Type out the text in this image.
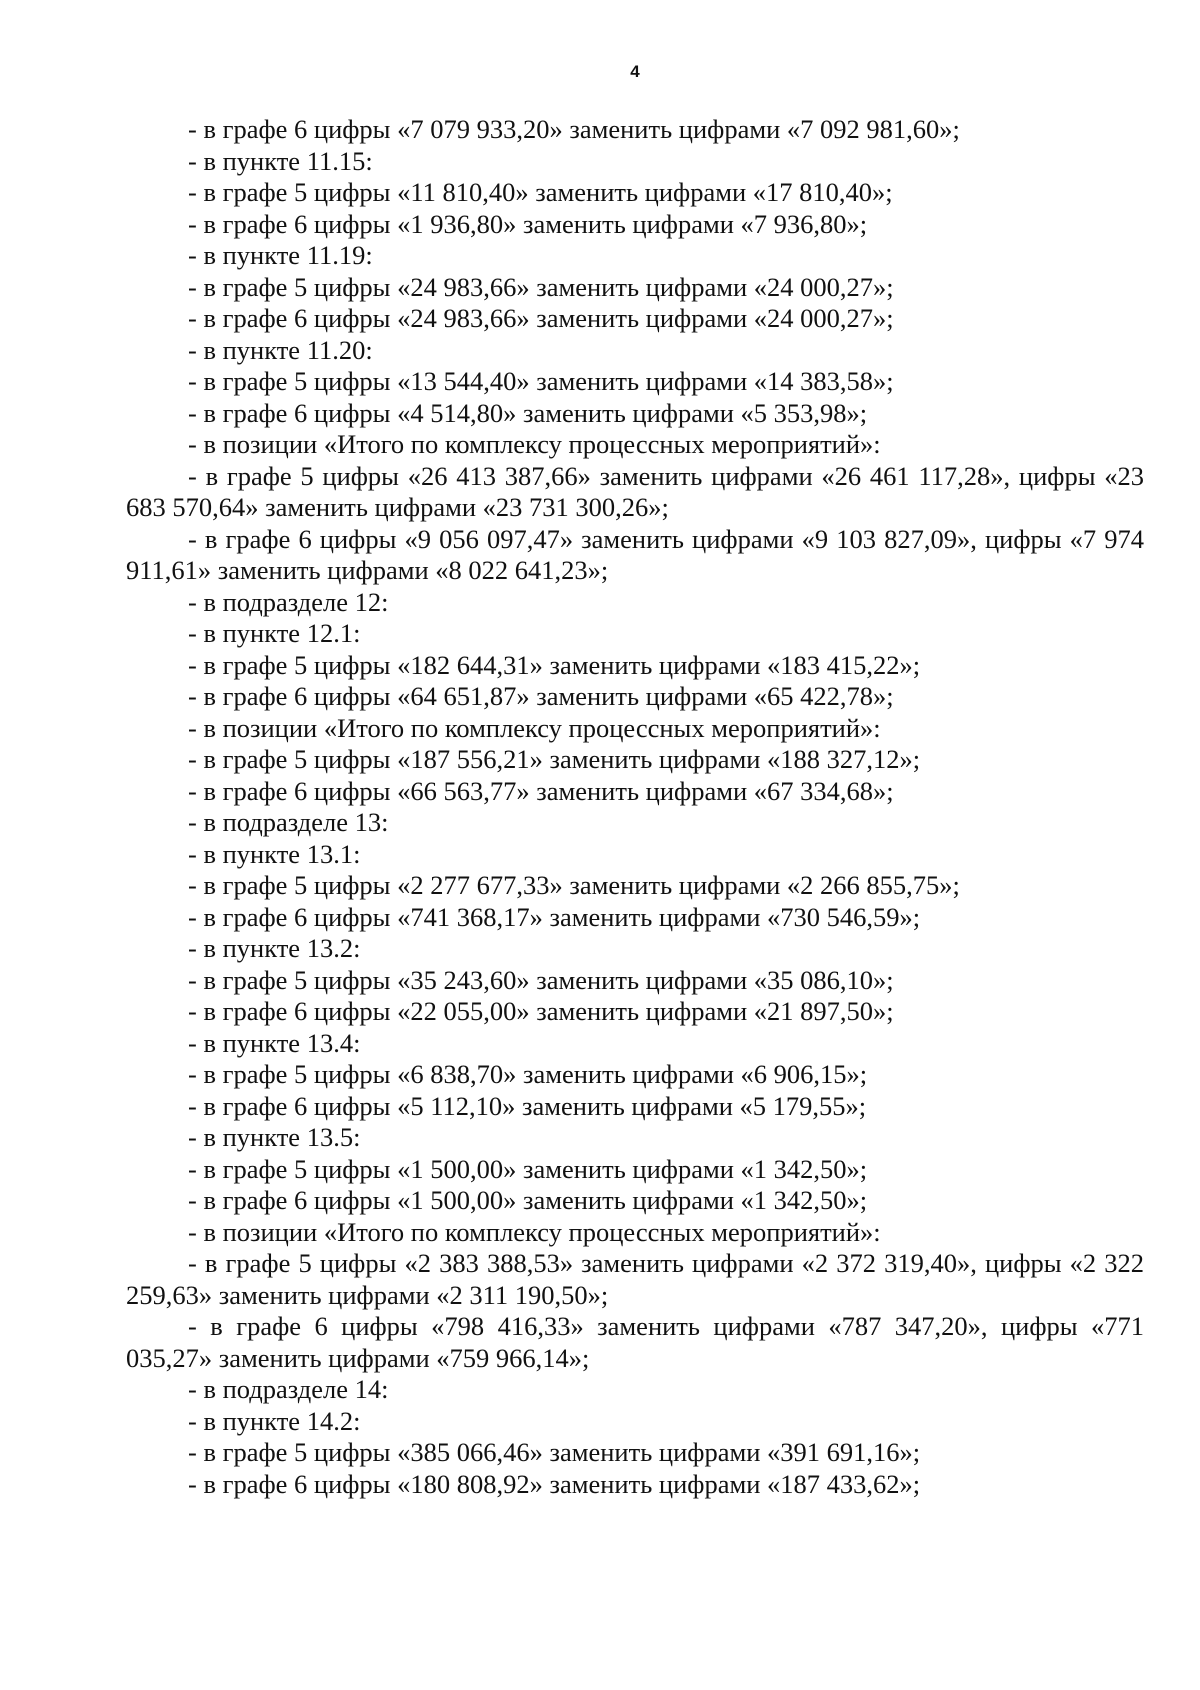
4

- в графе 6 цифры «7 079 933,20» заменить цифрами «7 092 981,60»;

- в пункте 11.15:

- в графе 5 цифры «11 810,40» заменить цифрами «17 810,40»;

- в графе 6 цифры «1 936,80» заменить цифрами «7 936,80»;

- в пункте 11.19:

- в графе 5 цифры «24 983,66» заменить цифрами «24 000,27»;

- в графе 6 цифры «24 983,66» заменить цифрами «24 000,27»;

- в пункте 11.20:

- в графе 5 цифры «13 544,40» заменить цифрами «14 383,58»;

- в графе 6 цифры «4 514,80» заменить цифрами «5 353,98»;

- в позиции «Итого по комплексу процессных мероприятий»:

- в графе 5 цифры «26 413 387,66» заменить цифрами «26 461 117,28», цифры «23 683 570,64» заменить цифрами «23 731 300,26»;

- в графе 6 цифры «9 056 097,47» заменить цифрами «9 103 827,09», цифры «7 974 911,61» заменить цифрами «8 022 641,23»;

- в подразделе 12:

- в пункте 12.1:

- в графе 5 цифры «182 644,31» заменить цифрами «183 415,22»;

- в графе 6 цифры «64 651,87» заменить цифрами «65 422,78»;

- в позиции «Итого по комплексу процессных мероприятий»:

- в графе 5 цифры «187 556,21» заменить цифрами «188 327,12»;

- в графе 6 цифры «66 563,77» заменить цифрами «67 334,68»;

- в подразделе 13:

- в пункте 13.1:

- в графе 5 цифры «2 277 677,33» заменить цифрами «2 266 855,75»;

- в графе 6 цифры «741 368,17» заменить цифрами «730 546,59»;

- в пункте 13.2:

- в графе 5 цифры «35 243,60» заменить цифрами «35 086,10»;

- в графе 6 цифры «22 055,00» заменить цифрами «21 897,50»;

- в пункте 13.4:

- в графе 5 цифры «6 838,70» заменить цифрами «6 906,15»;

- в графе 6 цифры «5 112,10» заменить цифрами «5 179,55»;

- в пункте 13.5:

- в графе 5 цифры «1 500,00» заменить цифрами «1 342,50»;

- в графе 6 цифры «1 500,00» заменить цифрами «1 342,50»;

- в позиции «Итого по комплексу процессных мероприятий»:

- в графе 5 цифры «2 383 388,53» заменить цифрами «2 372 319,40», цифры «2 322 259,63» заменить цифрами «2 311 190,50»;

- в графе 6 цифры «798 416,33» заменить цифрами «787 347,20», цифры «771 035,27» заменить цифрами «759 966,14»;

- в подразделе 14:

- в пункте 14.2:

- в графе 5 цифры «385 066,46» заменить цифрами «391 691,16»;

- в графе 6 цифры «180 808,92» заменить цифрами «187 433,62»;
